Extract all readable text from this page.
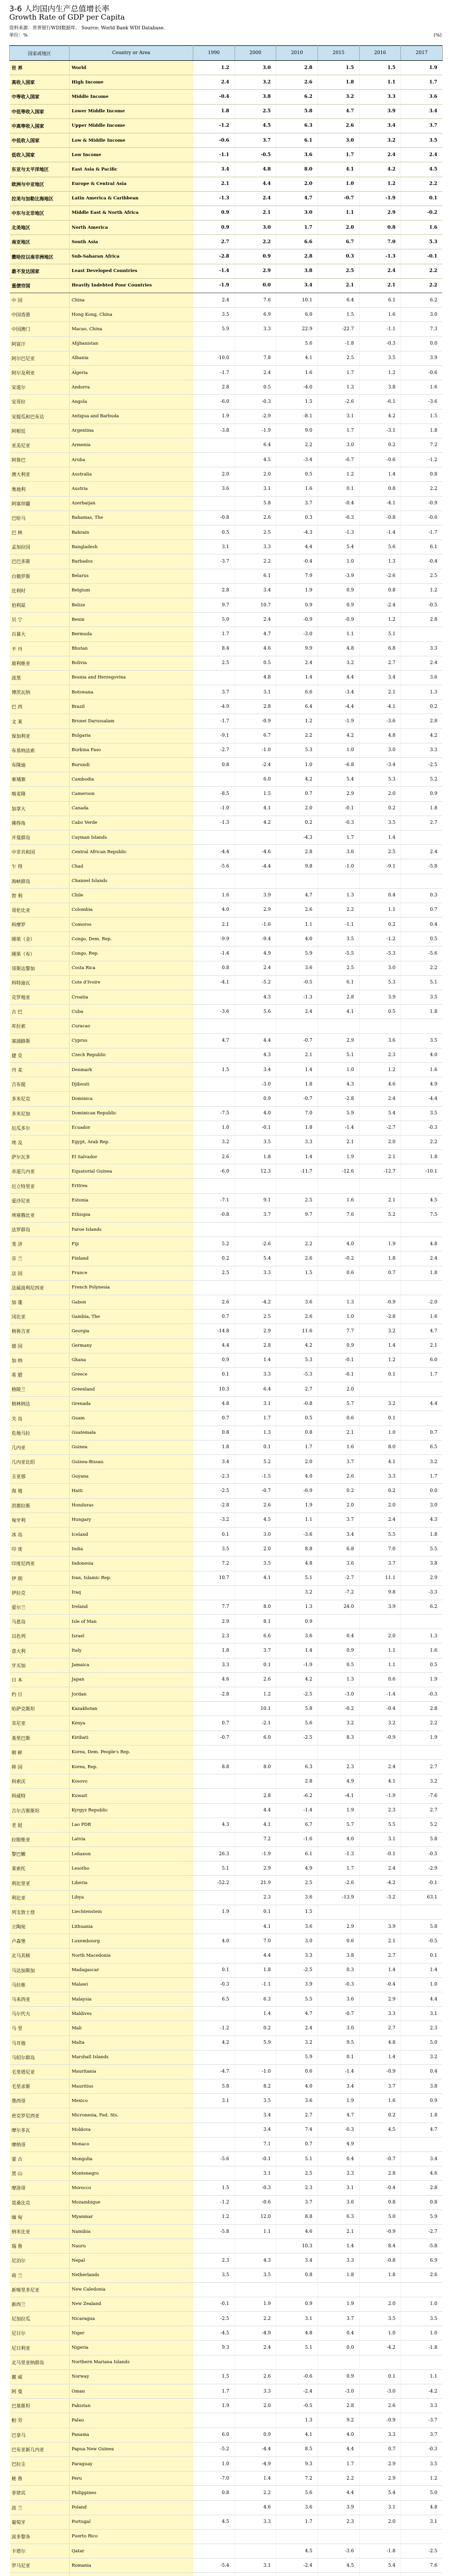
3-6 人均国内生产总值增长率

Growth Rate of GDP per Capita

资料来源：世界银行WDI数据库。 Source: World Bank WDI Database.
单位：%	(%)
国家或地区	Country or Area	1990	2000	2010	2015	2016	2017
世 界	World	1.2	3.0	2.8	1.5	1.5	1.9
高收入国家	High Income	2.4	3.2	2.6	1.8	1.1	1.7
中等收入国家	Middle Income	-0.4	3.8	6.2	3.2	3.3	3.6
中低等收入国家	Lower Middle Income	1.8	2.5	5.8	4.7	3.9	3.4
中高等收入国家	Upper Middle Income	-1.2	4.5	6.3	2.6	3.4	3.7
中低收入国家	Low & Middle Income	-0.6	3.7	6.1	3.0	3.2	3.5
低收入国家	Low Income	-1.1	-0.5	3.6	1.7	2.4	2.4
东亚与太平洋地区	East Asia & Pacific	3.4	4.8	8.0	4.1	4.2	4.5
欧洲与中亚地区	Europe & Central Asia	2.1	4.4	2.0	1.0	1.2	2.2
拉美与加勒比海地区	Latin America & Caribbean	-1.3	2.4	4.7	-0.7	-1.9	0.1
中东与北非地区	Middle East & North Africa	0.9	2.1	3.0	1.1	2.9	-0.2
北美地区	North America	0.9	3.0	1.7	2.0	0.8	1.6
南亚地区	South Asia	2.7	2.2	6.6	6.7	7.0	5.3
撒哈拉以南非洲地区	Sub-Saharan Africa	-2.8	0.9	2.8	0.3	-1.3	-0.1
最不发达国家	Least Developed Countries	-1.4	2.9	3.8	2.5	2.4	2.2
重债穷国	Heavily Indebted Poor Countries	-1.9	0.0	3.4	2.1	2.1	2.2
中 国	China	2.4	7.6	10.1	6.4	6.1	6.2
中国香港	Hong Kong, China	3.5	6.9	6.0	1.5	1.6	3.0
中国澳门	Macao, China	5.9	3.3	22.9	-22.7	-1.1	7.3
阿富汗	Afghanistan			5.6	-1.8	-0.3	0.0
阿尔巴尼亚	Albania	-10.0	7.8	4.1	2.5	3.5	3.9
阿尔及利亚	Algeria	-1.7	2.4	1.6	1.7	1.2	-0.6
安道尔	Andorra	2.8	0.5	-4.0	1.3	3.8	1.6
安哥拉	Angola	-6.0	-0.3	1.5	-2.6	-6.1	-3.6
安提瓜和巴布达	Antigua and Barbuda	1.9	-2.9	-8.1	3.1	4.2	1.5
阿根廷	Argentina	-3.8	-1.9	9.0	1.7	-3.1	1.8
亚美尼亚	Armenia		6.4	2.2	3.0	0.2	7.2
阿鲁巴	Aruba		4.5	-3.4	-0.7	-0.6	-1.2
澳大利亚	Australia	2.0	2.0	0.5	1.2	1.4	0.8
奥地利	Austria	3.6	3.1	1.6	0.1	0.8	2.2
阿塞拜疆	Azerbaijan		5.8	3.7	-0.4	-4.1	-0.9
巴哈马	Bahamas, The	-0.8	2.6	0.3	-0.3	-0.8	-0.6
巴 林	Bahrain	0.5	2.5	-4.3	-1.3	-1.4	-1.7
孟加拉国	Bangladesh	3.1	3.3	4.4	5.4	5.6	6.1
巴巴多斯	Barbados	-3.7	2.2	-0.4	1.0	1.3	-0.4
白俄罗斯	Belarus		6.1	7.9	-3.9	-2.6	2.5
比利时	Belgium	2.8	3.4	1.9	0.9	0.8	1.2
伯利兹	Belize	9.7	10.7	0.9	0.9	-2.4	-0.5
贝 宁	Benin	5.0	2.4	-0.9	-0.9	1.2	2.8
百慕大	Bermuda	1.7	4.7	-3.0	1.1	5.1	
不 丹	Bhutan	8.4	4.6	9.9	4.8	6.8	3.3
玻利维亚	Bolivia	2.5	0.5	2.4	3.2	2.7	2.4
波黑	Bosnia and Herzegovina		4.8	1.4	4.4	3.4	3.6
博茨瓦纳	Botswana	3.7	3.1	6.6	-3.4	2.1	1.3
巴 西	Brazil	-4.9	2.8	6.4	-4.4	-4.1	0.2
文 莱	Brunei Darussalam	-1.7	-0.9	1.2	-1.9	-3.6	2.8
保加利亚	Bulgaria	-9.1	6.7	2.2	4.2	4.8	4.2
布基纳法索	Burkina Faso	-2.7	-1.0	5.3	1.0	3.0	3.3
布隆迪	Burundi	0.8	-2.4	1.0	-6.8	-3.4	-2.5
柬埔寨	Cambodia		6.0	4.2	5.4	5.3	5.2
喀麦隆	Cameroon	-8.5	1.5	0.7	2.9	2.0	0.9
加拿大	Canada	-1.0	4.1	2.0	-0.1	0.2	1.8
佛得角	Cabo Verde	-1.3	4.2	0.2	-0.3	3.5	2.7
开曼群岛	Cayman Islands			-4.3	1.7	1.4	
中非共和国	Central African Republic	-4.4	-4.6	2.8	3.6	2.5	2.4
乍 得	Chad	-5.6	-4.4	9.8	-1.0	-9.1	-5.8
海峡群岛	Channel Islands						
智 利	Chile	1.6	3.9	4.7	1.3	0.4	0.3
哥伦比亚	Colombia	4.0	2.9	2.6	2.2	1.1	0.7
科摩罗	Comoros	2.1	-1.6	1.1	-1.1	0.2	0.4
刚果（金）	Congo, Dem. Rep.	-9.9	-9.4	4.0	3.5	-1.2	0.5
刚果（布）	Congo, Rep.	-1.4	4.9	5.9	-5.5	-5.3	-5.6
哥斯达黎加	Costa Rica	0.8	2.4	3.6	2.5	3.0	2.2
科特迪瓦	Cote d'Ivoire	-4.1	-5.2	-0.5	6.1	5.3	5.1
克罗地亚	Croatia		4.3	-1.3	2.8	3.9	3.5
古 巴	Cuba	-3.6	5.6	2.4	4.1	0.5	1.8
库拉索	Curacao						
塞浦路斯	Cyprus	4.7	4.4	-0.7	2.9	3.6	3.5
捷 克	Czech Republic		4.3	2.1	5.1	2.3	4.0
丹 麦	Denmark	1.5	3.4	1.4	1.0	1.2	1.6
吉布提	Djibouti		-3.0	1.8	4.3	4.6	4.9
多米尼克	Dominica		0.9	-0.7	-2.8	2.4	-4.4
多米尼加	Dominican Republic	-7.5	4.0	7.0	5.9	5.4	3.5
厄瓜多尔	Ecuador	1.0	-0.1	1.8	-1.4	-2.7	-0.3
埃 及	Egypt, Arab Rep.	3.2	3.5	3.3	2.1	2.0	2.2
萨尔瓦多	El Salvador	2.6	1.8	1.4	1.9	2.1	1.8
赤道几内亚	Equatorial Guinea	-6.0	12.3	-11.7	-12.6	-12.7	-10.1
厄立特里亚	Eritrea						
爱沙尼亚	Estonia	-7.1	9.1	2.5	1.6	2.1	4.5
埃塞俄比亚	Ethiopia	-0.8	3.7	9.7	7.6	5.2	7.5
法罗群岛	Faroe Islands						
斐 济	Fiji	5.2	-2.6	2.2	4.0	1.9	4.8
芬 兰	Finland	0.2	5.4	2.6	-0.2	1.8	2.4
法 国	France	2.5	3.3	1.5	0.6	0.7	1.8
法属波利尼西亚	French Polynesia						
加 蓬	Gabon	2.6	-4.2	3.6	1.3	-0.9	-2.0
冈比亚	Gambia, The	0.7	2.5	2.6	1.0	-2.8	1.6
格鲁吉亚	Georgia	-14.8	2.9	11.6	7.7	3.2	4.7
德 国	Germany	4.4	2.8	4.2	0.9	1.4	2.1
加 纳	Ghana	0.9	1.4	5.3	-0.1	1.2	6.0
希 腊	Greece	0.1	3.3	-5.3	-0.1	0.1	1.7
格陵兰	Greenland	10.3	6.4	2.7	2.0		
格林纳达	Grenada	4.8	3.1	-0.8	5.7	3.2	4.4
关 岛	Guam	0.7	1.7	0.5	0.6	0.1	
危地马拉	Guatemala	0.8	1.3	0.8	2.1	1.0	0.7
几内亚	Guinea	1.8	0.1	1.7	1.6	8.0	6.5
几内亚比绍	Guinea-Bissau	3.4	5.2	2.0	3.7	4.1	3.2
圭亚那	Guyana	-2.3	-1.5	4.0	2.6	3.3	1.7
海 地	Haiti	-2.5	-0.7	-6.9	0.2	0.2	0.0
洪都拉斯	Honduras	-2.8	2.6	1.9	2.0	2.0	3.0
匈牙利	Hungary	-3.2	4.5	1.1	3.7	2.4	4.3
冰 岛	Iceland	0.1	3.0	-3.6	3.4	5.5	1.8
印 度	India	3.5	2.0	8.8	6.8	7.0	5.5
印度尼西亚	Indonesia	7.2	3.5	4.8	3.6	3.7	3.8
伊 朗	Iran, Islamic Rep.	10.7	4.1	5.1	-2.7	11.1	2.9
伊拉克	Iraq			3.2	-7.2	9.8	-3.3
爱尔兰	Ireland	7.7	8.0	1.3	24.0	3.9	6.2
马恩岛	Isle of Man	2.9	8.1	0.9			
以色列	Israel	2.3	6.6	3.6	0.4	2.0	1.3
意大利	Italy	1.8	3.7	1.4	0.9	1.1	1.6
牙买加	Jamaica	3.3	0.1	-1.9	0.5	1.1	0.5
日 本	Japan	4.6	2.6	4.2	1.3	0.6	1.9
约 旦	Jordan	-2.8	1.2	-2.5	-3.0	-1.4	-0.3
哈萨克斯坦	Kazakhstan		10.1	5.8	-0.2	-0.4	2.8
肯尼亚	Kenya	0.7	-2.1	5.6	3.2	3.2	2.2
基里巴斯	Kiribati	-0.7	6.0	-2.5	8.3	-0.9	1.9
朝 鲜	Korea, Dem. People's Rep.						
韩 国	Korea, Rep.	8.8	8.0	6.3	2.3	2.4	2.7
科索沃	Kosovo			2.8	4.9	4.1	3.2
科威特	Kuwait		2.8	-6.2	-4.1	-1.9	-7.6
吉尔吉斯斯坦	Kyrgyz Republic		4.4	-1.4	1.9	2.3	2.7
老 挝	Lao PDR	4.3	4.1	6.7	5.7	5.5	5.2
拉脱维亚	Latvia		7.2	-1.6	4.0	3.1	5.8
黎巴嫩	Lebanon	26.3	-1.9	6.1	-1.3	-0.1	-0.5
莱索托	Lesotho	5.1	2.9	4.9	1.7	2.4	-2.9
利比里亚	Liberia	-52.2	21.9	2.5	-2.6	-4.2	-0.1
利比亚	Libya		2.3	3.6	-13.9	-3.2	63.1
列支敦士登	Liechtenstein	1.9	0.1	1.5			
立陶宛	Lithuania		4.1	3.6	2.9	3.9	5.8
卢森堡	Luxembourg	4.0	7.0	3.0	0.6	2.1	-0.5
北马其顿	North Macedonia		4.4	3.3	3.8	2.7	0.1
马达加斯加	Madagascar	0.1	1.8	-2.5	0.3	1.4	1.4
马拉维	Malawi	-0.3	-1.1	3.9	-0.3	-0.4	1.0
马来西亚	Malaysia	6.5	6.3	5.5	3.6	2.9	4.4
马尔代夫	Maldives		1.4	4.7	-0.7	3.3	3.1
马 里	Mali	-1.2	0.2	2.4	3.0	2.7	2.3
马耳他	Malta	4.2	5.9	3.2	9.5	4.8	5.0
马绍尔群岛	Marshall Islands			5.9	0.1	1.4	3.2
毛里塔尼亚	Mauritania	-4.7	-1.0	0.6	-1.4	-0.9	0.4
毛里求斯	Mauritius	5.8	8.2	4.0	3.4	3.7	3.8
墨西哥	Mexico	3.1	3.5	3.6	1.9	1.6	0.9
密克罗尼西亚	Micronesia, Fed. Sts.		3.4	2.7	4.7	0.2	1.8
摩尔多瓦	Moldova		3.4	7.4	-0.3	4.5	4.7
摩纳哥	Monaco		7.1	0.7	4.9		
蒙 古	Mongolia	-5.6	-0.1	5.1	0.4	-0.7	3.4
黑 山	Montenegro		3.1	2.5	3.3	2.8	4.6
摩洛哥	Morocco	1.5	-0.3	2.3	3.1	-0.4	2.8
莫桑比克	Mozambique	-1.2	-0.6	3.7	3.6	0.8	0.8
缅 甸	Myanmar	1.2	12.0	8.8	6.3	5.0	5.9
纳米比亚	Namibia	-5.8	1.1	4.6	2.1	-0.9	-2.7
瑙 鲁	Nauru			10.3	1.4	8.4	-5.8
尼泊尔	Nepal	2.3	4.3	3.4	3.3	-0.8	6.9
荷 兰	Netherlands	3.5	3.5	0.8	1.8	1.8	2.6
新喀里多尼亚	New Caledonia						
新西兰	New Zealand	-0.1	1.9	0.9	1.9	2.0	1.0
尼加拉瓜	Nicaragua	-2.5	2.2	3.1	3.7	3.5	3.5
尼日尔	Niger	-4.5	-4.9	4.8	0.4	1.0	1.0
尼日利亚	Nigeria	9.3	2.4	5.1	0.0	-4.2	-1.8
北马里亚纳群岛	Northern Mariana Islands						
挪 威	Norway	1.5	2.6	-0.6	0.9	0.1	1.1
阿 曼	Oman	1.7	3.3	-2.4	-3.0	-3.0	-4.2
巴基斯坦	Pakistan	1.9	2.0	-0.5	2.8	2.6	3.3
帕 劳	Palau			1.3	9.2	-0.9	-3.7
巴拿马	Panama	6.0	0.9	4.1	4.0	3.3	3.7
巴布亚新几内亚	Papua New Guinea	-5.2	-4.4	8.5	4.4	0.7	-0.3
巴拉圭	Paraguay	1.0	-4.9	9.3	1.7	2.9	3.5
秘 鲁	Peru	-7.0	1.4	7.2	2.2	2.9	1.2
菲律宾	Philippines	0.8	2.2	5.6	4.4	5.4	5.0
波 兰	Poland		4.6	3.6	3.9	3.1	4.8
葡萄牙	Portugal	4.5	3.3	1.7	2.3	2.0	3.1
波多黎各	Puerto Rico						
卡塔尔	Qatar			4.5	-3.6	-1.8	-2.5
罗马尼亚	Romania	-5.4	3.1	-2.4	4.5	5.4	7.6
